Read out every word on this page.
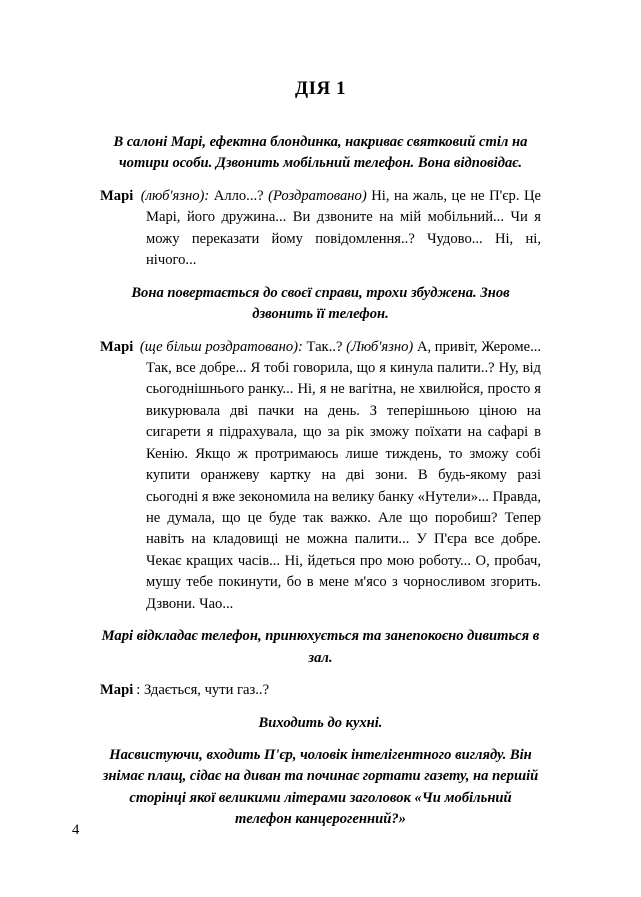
ДІЯ 1

В салоні Марі, ефектна блондинка, накриває святковий стіл на чотири особи. Дзвонить мобільний телефон. Вона відповідає.

Марі (люб'язно): Алло...? (Роздратовано) Ні, на жаль, це не П'єр. Це Марі, його дружина... Ви дзвоните на мій мобільний... Чи я можу переказати йому повідомлення..? Чудово... Ні, ні, нічого...

Вона повертається до своєї справи, трохи збуджена. Знов дзвонить її телефон.

Марі (ще більш роздратовано): Так..? (Люб'язно) А, привіт, Жероме... Так, все добре... Я тобі говорила, що я кинула палити..? Ну, від сьогоднішнього ранку... Ні, я не вагітна, не хвилюйся, просто я викурювала дві пачки на день. З теперішньою ціною на сигарети я підрахувала, що за рік зможу поїхати на сафарі в Кенію. Якщо ж протримаюсь лише тиждень, то зможу собі купити оранжеву картку на дві зони. В будь-якому разі сьогодні я вже зекономила на велику банку «Нутели»... Правда, не думала, що це буде так важко. Але що поробиш? Тепер навіть на кладовищі не можна палити... У П'єра все добре. Чекає кращих часів... Ні, йдеться про мою роботу... О, пробач, мушу тебе покинути, бо в мене м'ясо з чорносливом згорить. Дзвони. Чао...

Марі відкладає телефон, принюхується та занепокоєно дивиться в зал.

Марі : Здається, чути газ..?

Виходить до кухні.

Насвистуючи, входить П'єр, чоловік інтелігентного вигляду. Він знімає плащ, сідає на диван та починає гортати газету, на першій сторінці якої великими літерами заголовок «Чи мобільний телефон канцерогенний?»

4
